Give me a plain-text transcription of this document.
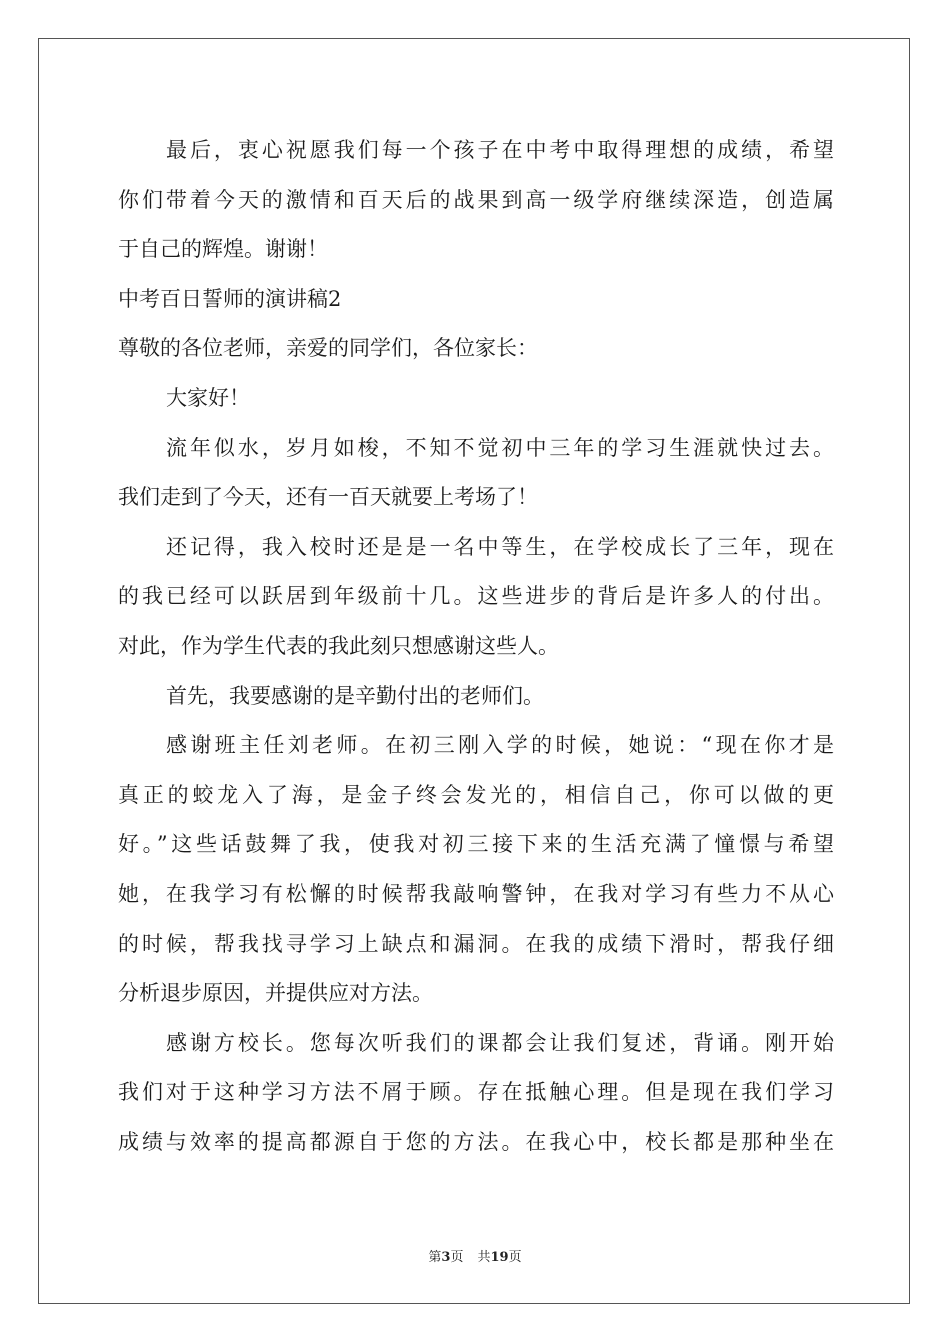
最后，衷心祝愿我们每一个孩子在中考中取得理想的成绩，希望
你们带着今天的激情和百天后的战果到高一级学府继续深造，创造属
于自己的辉煌。谢谢！
中考百日誓师的演讲稿2
尊敬的各位老师，亲爱的同学们，各位家长：
大家好！
流年似水，岁月如梭，不知不觉初中三年的学习生涯就快过去。
我们走到了今天，还有一百天就要上考场了！
还记得，我入校时还是是一名中等生，在学校成长了三年，现在
的我已经可以跃居到年级前十几。这些进步的背后是许多人的付出。
对此，作为学生代表的我此刻只想感谢这些人。
首先，我要感谢的是辛勤付出的老师们。
感谢班主任刘老师。在初三刚入学的时候，她说：“现在你才是
真正的蛟龙入了海，是金子终会发光的，相信自己，你可以做的更
好。”这些话鼓舞了我，使我对初三接下来的生活充满了憧憬与希望
她，在我学习有松懈的时候帮我敲响警钟，在我对学习有些力不从心
的时候，帮我找寻学习上缺点和漏洞。在我的成绩下滑时，帮我仔细
分析退步原因，并提供应对方法。
感谢方校长。您每次听我们的课都会让我们复述，背诵。刚开始
我们对于这种学习方法不屑于顾。存在抵触心理。但是现在我们学习
成绩与效率的提高都源自于您的方法。在我心中，校长都是那种坐在
第3页 共19页
